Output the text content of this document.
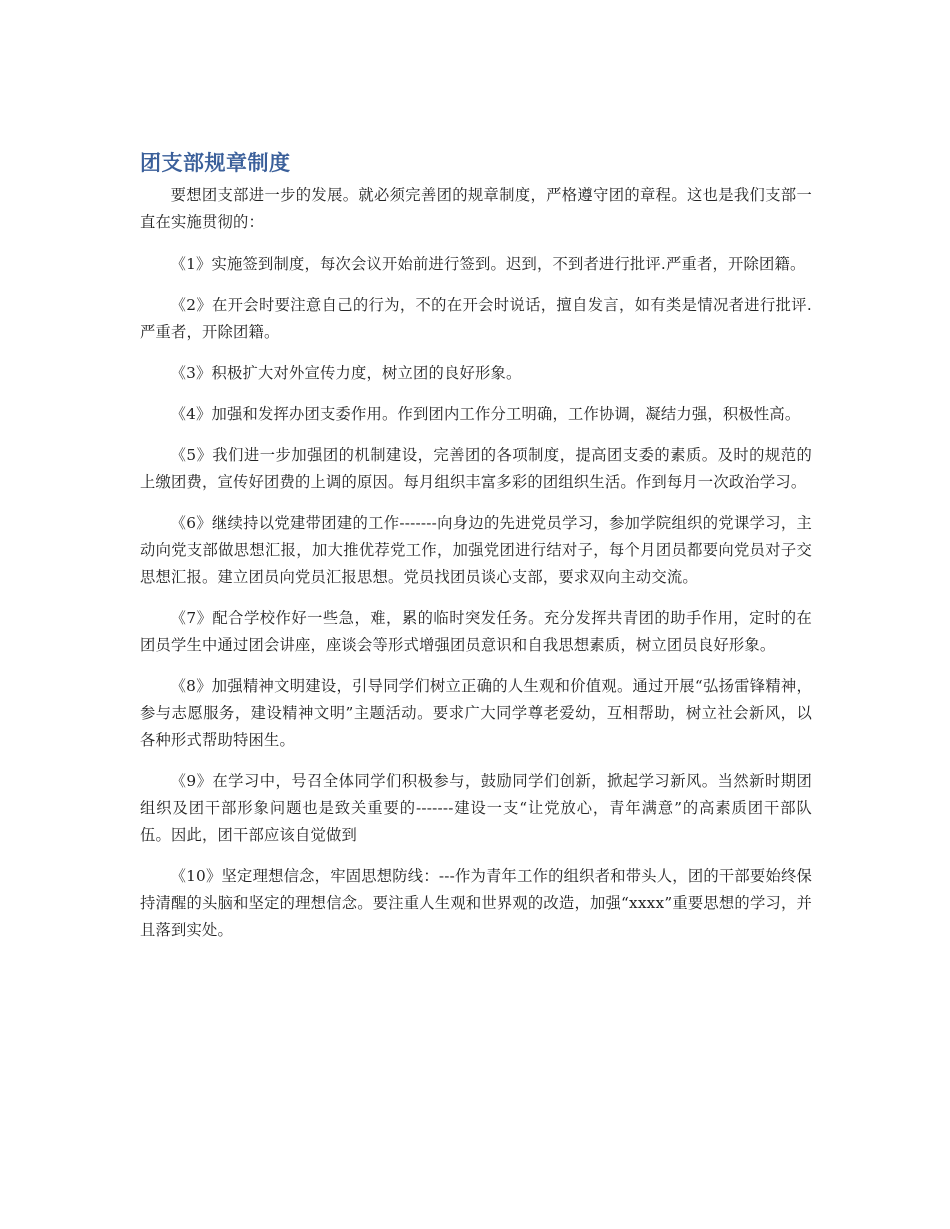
团支部规章制度

要想团支部进一步的发展。就必须完善团的规章制度，严格遵守团的章程。这也是我们支部一直在实施贯彻的：

《1》实施签到制度，每次会议开始前进行签到。迟到，不到者进行批评.严重者，开除团籍。

《2》在开会时要注意自己的行为，不的在开会时说话，擅自发言，如有类是情况者进行批评.严重者，开除团籍。

《3》积极扩大对外宣传力度，树立团的良好形象。

《4》加强和发挥办团支委作用。作到团内工作分工明确，工作协调，凝结力强，积极性高。

《5》我们进一步加强团的机制建设，完善团的各项制度，提高团支委的素质。及时的规范的上缴团费，宣传好团费的上调的原因。每月组织丰富多彩的团组织生活。作到每月一次政治学习。

《6》继续持以党建带团建的工作-------向身边的先进党员学习，参加学院组织的党课学习，主动向党支部做思想汇报，加大推优荐党工作，加强党团进行结对子，每个月团员都要向党员对子交思想汇报。建立团员向党员汇报思想。党员找团员谈心支部，要求双向主动交流。

《7》配合学校作好一些急，难，累的临时突发任务。充分发挥共青团的助手作用，定时的在团员学生中通过团会讲座，座谈会等形式增强团员意识和自我思想素质，树立团员良好形象。

《8》加强精神文明建设，引导同学们树立正确的人生观和价值观。通过开展“弘扬雷锋精神，参与志愿服务，建设精神文明”主题活动。要求广大同学尊老爱幼，互相帮助，树立社会新风，以各种形式帮助特困生。

《9》在学习中，号召全体同学们积极参与，鼓励同学们创新，掀起学习新风。当然新时期团组织及团干部形象问题也是致关重要的-------建设一支“让党放心，青年满意”的高素质团干部队伍。因此，团干部应该自觉做到

《10》坚定理想信念，牢固思想防线：---作为青年工作的组织者和带头人，团的干部要始终保持清醒的头脑和坚定的理想信念。要注重人生观和世界观的改造，加强“xxxx”重要思想的学习，并且落到实处。
